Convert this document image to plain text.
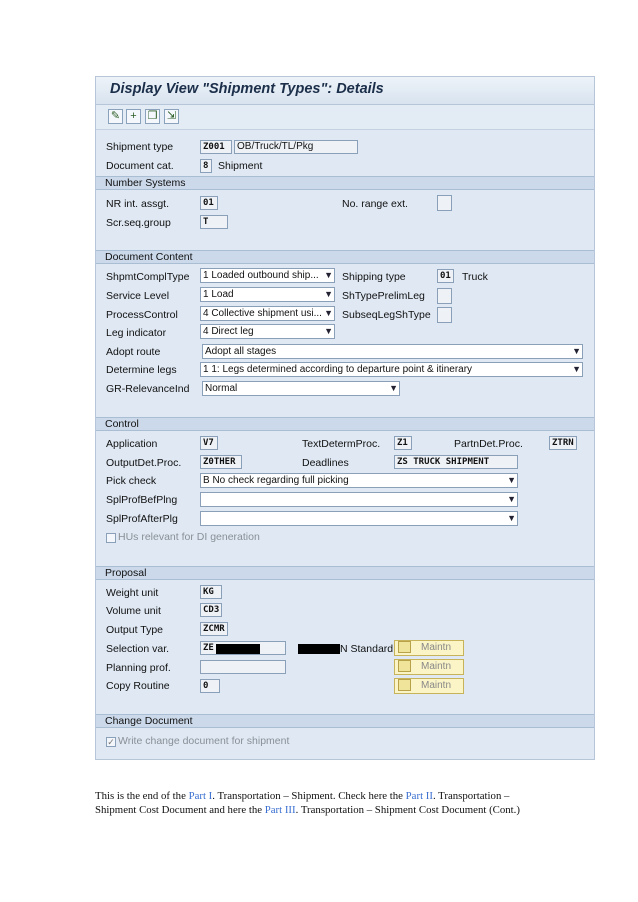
Display View "Shipment Types": Details
✎ + ❐ ⇲
Shipment type	Z001	OB/Truck/TL/Pkg
Document cat.	8 Shipment
Number Systems
NR int. assgt.	01	No. range ext.
Scr.seq.group	T
Document Content
ShpmtComplType	1 Loaded outbound ship... ▼ Shipping type	01	Truck
Service Level	1 Load	▼ ShTypePrelimLeg
ProcessControl	4 Collective shipment usi... ▼ SubseqLegShType
Leg indicator	4 Direct leg	▼
Adopt route	Adopt all stages	▼
Determine legs	1 1: Legs determined according to departure point & itinerary	▼
GR-RelevanceInd	Normal	▼
Control
Application	V7	TextDetermProc.	Z1	PartnDet.Proc.	ZTRN
OutputDet.Proc.	Z0THER	Deadlines	ZS TRUCK SHIPMENT
Pick check	B No check regarding full picking	▼
SplProfBefPlng	▼
SplProfAfterPlg	▼
HUs relevant for DI generation
Proposal
Weight unit	KG
Volume unit	CD3
Output Type	ZCMR
Selection var.	ZE	N Standard	Maintn
Planning prof.	Maintn
Copy Routine	0	Maintn
Change Document
✓ Write change document for shipment
This is the end of the Part I. Transportation – Shipment. Check here the Part II. Transportation –
Shipment Cost Document and here the Part III. Transportation – Shipment Cost Document (Cont.)
